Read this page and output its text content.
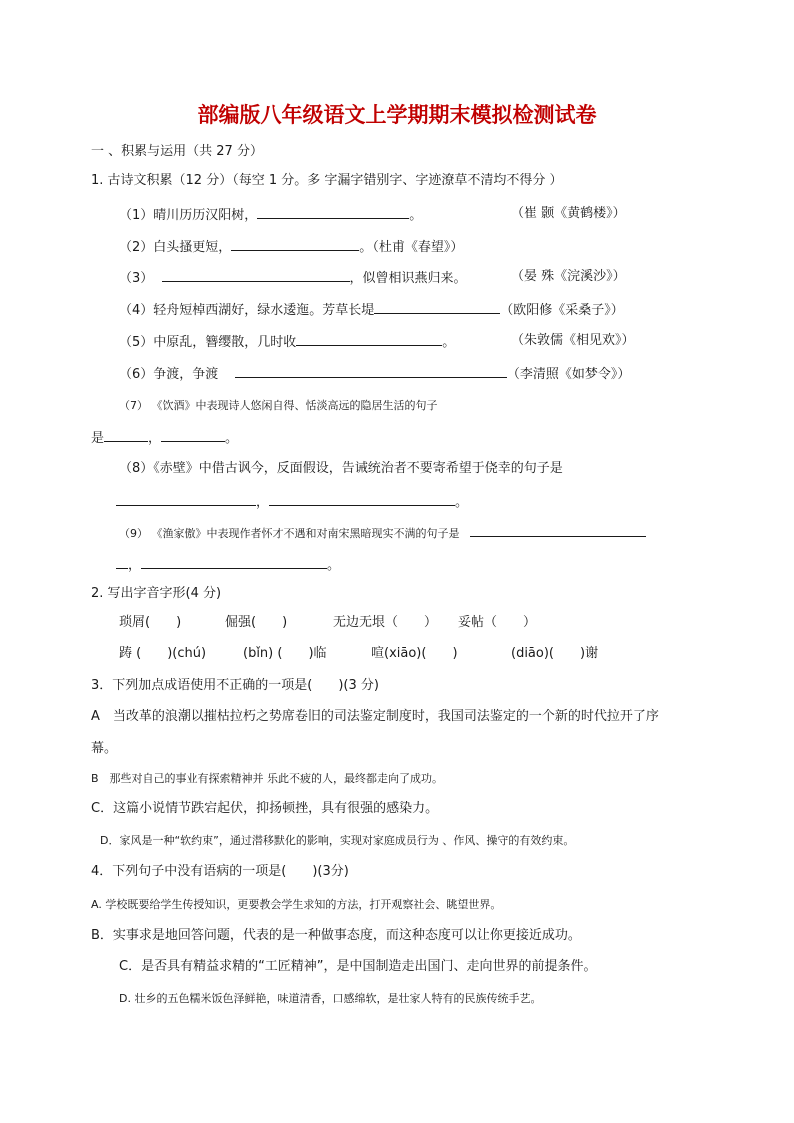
部编版八年级语文上学期期末模拟检测试卷
一 、积累与运用（共 27 分）
1. 古诗文积累（12 分）（每空 1 分。多 字漏字错别字、字迹潦草不清均不得分 ）
（1）晴川历历汉阳树，	。	（崔 颢《黄鹤楼》）
（2）白头搔更短，	。（杜甫《春望》）
（3）	，似曾相识燕归来。	（晏 殊《浣溪沙》）
（4）轻舟短棹西湖好，绿水逶迤。芳草长堤	（欧阳修《采桑子》）
（5）中原乱，簪缨散，几时收	。	（朱敦儒《相见欢》）
（6）争渡，争渡	（李清照《如梦令》）
（7） 《饮酒》中表现诗人悠闲自得、恬淡高远的隐居生活的句子
是	，	。
（8）《赤壁》中借古讽今，反面假设，告诫统治者不要寄希望于侥幸的句子是
，	。
（9） 《渔家傲》中表现作者怀才不遇和对南宋黑暗现实不满的句子是
，	。
2. 写出字音字形(4 分)
琐屑(　　)	倔强(　　)	无边无垠（　　） 妥帖（　　）
踌 (　　)(chú)	(bǐn) (　　)临	喧(xiāo)(　　)	(diāo)(　　)谢
3．下列加点成语使用不正确的一项是(　　)(3 分)
A　当改革的浪潮以摧枯拉朽之势席卷旧的司法鉴定制度时，我国司法鉴定的一个新的时代拉开了序
幕。
B　那些对自己的事业有探索精神并 乐此不疲的人，最终都走向了成功。
C．这篇小说情节跌宕起伏，抑扬顿挫，具有很强的感染力。
D．家风是一种“软约束”，通过潜移默化的影响，实现对家庭成员行为 、作风、操守的有效约束。
4．下列句子中没有语病的一项是(　　)(3分)
A. 学校既要给学生传授知识，更要教会学生求知的方法，打开观察社会、眺望世界。
B．实事求是地回答问题，代表的是一种做事态度，而这种态度可以让你更接近成功。
C．是否具有精益求精的“工匠精神”，是中国制造走出国门、走向世界的前提条件。
D. 壮乡的五色糯米饭色泽鲜艳，味道清香，口感绵软，是壮家人特有的民族传统手艺。
